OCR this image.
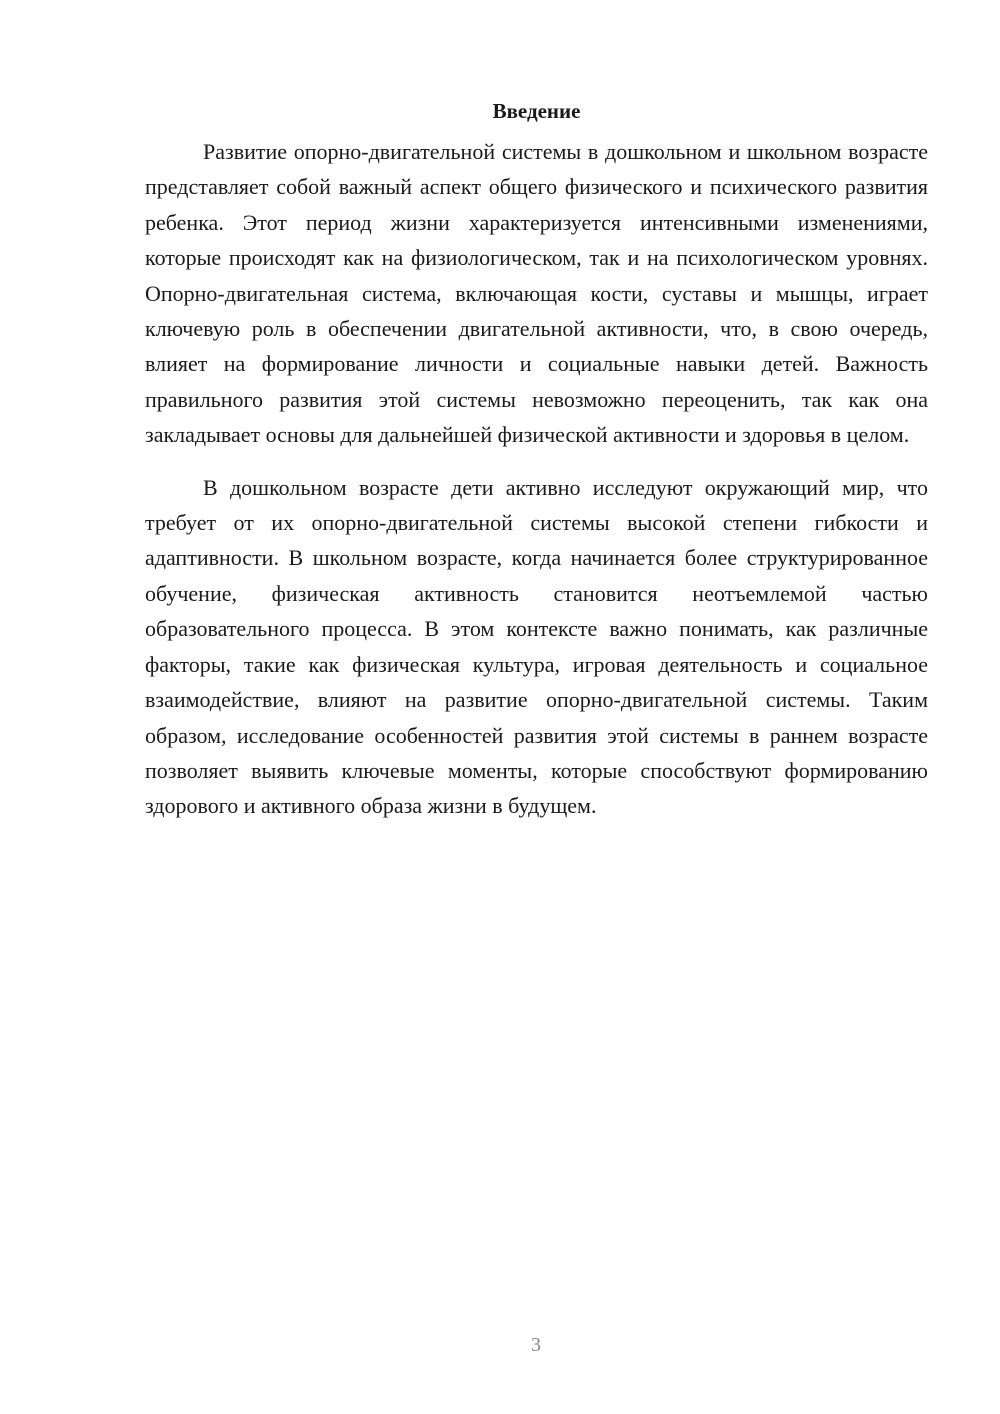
Введение

Развитие опорно-двигательной системы в дошкольном и школьном возрасте представляет собой важный аспект общего физического и психического развития ребенка. Этот период жизни характеризуется интенсивными изменениями, которые происходят как на физиологическом, так и на психологическом уровнях. Опорно-двигательная система, включающая кости, суставы и мышцы, играет ключевую роль в обеспечении двигательной активности, что, в свою очередь, влияет на формирование личности и социальные навыки детей. Важность правильного развития этой системы невозможно переоценить, так как она закладывает основы для дальнейшей физической активности и здоровья в целом.

В дошкольном возрасте дети активно исследуют окружающий мир, что требует от их опорно-двигательной системы высокой степени гибкости и адаптивности. В школьном возрасте, когда начинается более структурированное обучение, физическая активность становится неотъемлемой частью образовательного процесса. В этом контексте важно понимать, как различные факторы, такие как физическая культура, игровая деятельность и социальное взаимодействие, влияют на развитие опорно-двигательной системы. Таким образом, исследование особенностей развития этой системы в раннем возрасте позволяет выявить ключевые моменты, которые способствуют формированию здорового и активного образа жизни в будущем.

3
